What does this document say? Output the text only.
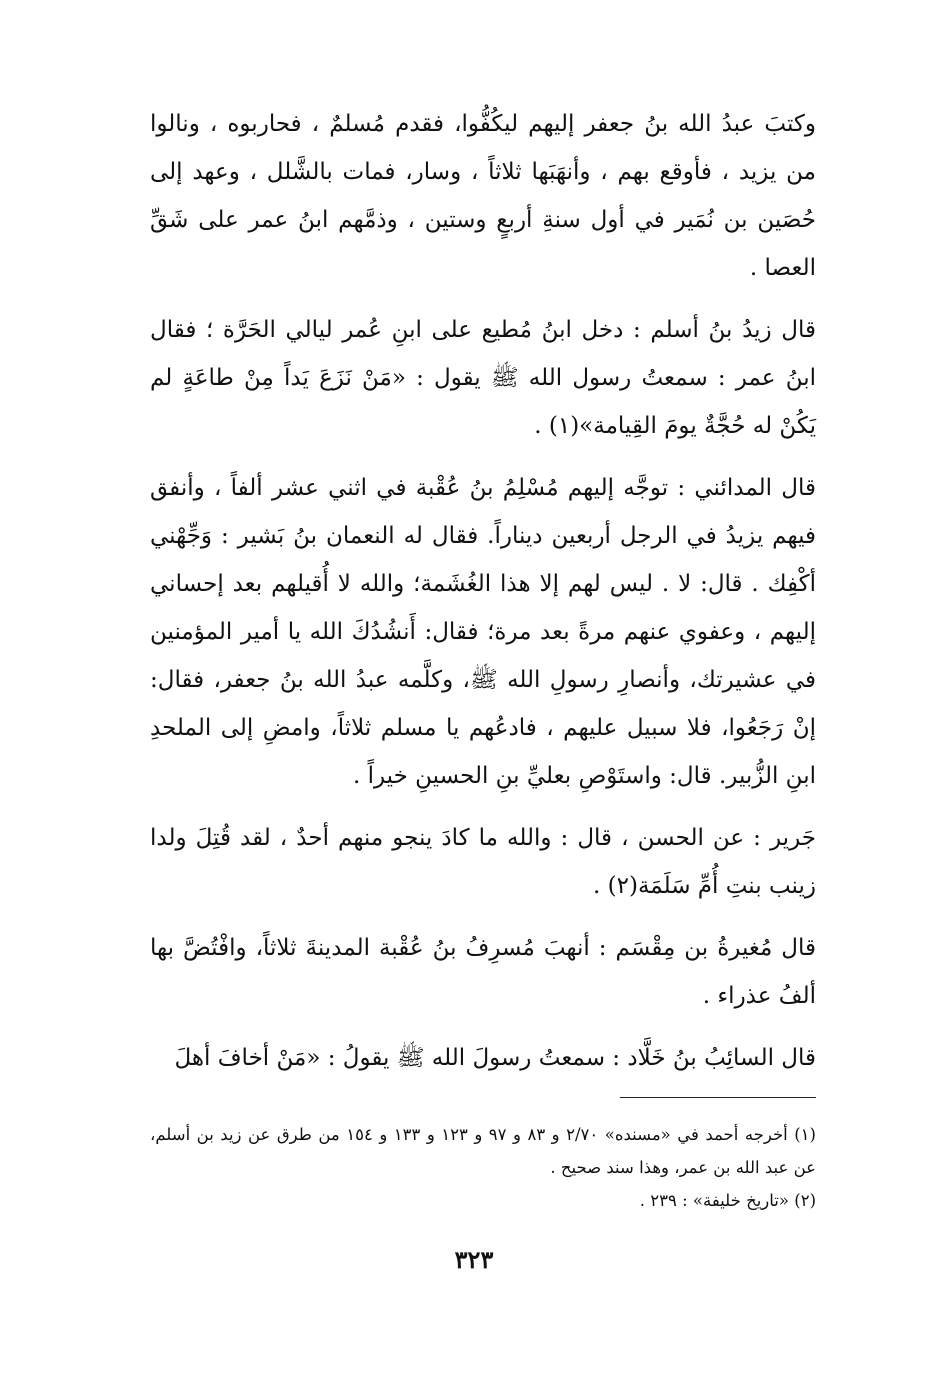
وكتبَ عبدُ الله بنُ جعفر إليهم ليكُفُّوا، فقدم مُسلمٌ ، فحاربوه ، ونالوا من يزيد ، فأوقع بهم ، وأنهَبَها ثلاثاً ، وسار، فمات بالشَّلل ، وعهد إلى حُصَين بن نُمَير في أول سنةِ أربعٍ وستين ، وذمَّهم ابنُ عمر على شَقِّ العصا .

قال زيدُ بنُ أسلم : دخل ابنُ مُطيع على ابنِ عُمر ليالي الحَرَّة ؛ فقال ابنُ عمر : سمعتُ رسول الله ﷺ يقول : «مَنْ نَزَعَ يَداً مِنْ طاعَةٍ لم يَكُنْ له حُجَّةٌ يومَ القِيامة»(١) .

قال المدائني : توجَّه إليهم مُسْلِمُ بنُ عُقْبة في اثني عشر ألفاً ، وأنفق فيهم يزيدُ في الرجل أربعين ديناراً. فقال له النعمان بنُ بَشير : وَجِّهْني أكْفِك . قال: لا . ليس لهم إلا هذا الغُشَمة؛ والله لا أُقيلهم بعد إحساني إليهم ، وعفوي عنهم مرةً بعد مرة؛ فقال: أَنشُدُكَ الله يا أمير المؤمنين في عشيرتك، وأنصارِ رسولِ الله ﷺ، وكلَّمه عبدُ الله بنُ جعفر، فقال: إنْ رَجَعُوا، فلا سبيل عليهم ، فادعُهم يا مسلم ثلاثاً، وامضِ إلى الملحدِ ابنِ الزُّبير. قال: واستَوْصِ بعليِّ بنِ الحسينِ خيراً .

جَرير : عن الحسن ، قال : والله ما كادَ ينجو منهم أحدٌ ، لقد قُتِلَ ولدا زينب بنتِ أُمِّ سَلَمَة(٢) .

قال مُغيرةُ بن مِقْسَم : أنهبَ مُسرِفُ بنُ عُقْبة المدينةَ ثلاثاً، وافْتُضَّ بها ألفُ عذراء .

قال السائِبُ بنُ خَلَّاد : سمعتُ رسولَ الله ﷺ يقولُ : «مَنْ أخافَ أهلَ

(١) أخرجه أحمد في «مسنده» ٢/٧٠ و ٨٣ و ٩٧ و ١٢٣ و ١٣٣ و ١٥٤ من طرق عن زيد بن أسلم، عن عبد الله بن عمر، وهذا سند صحيح .

(٢) «تاريخ خليفة» : ٢٣٩ .

٣٢٣
